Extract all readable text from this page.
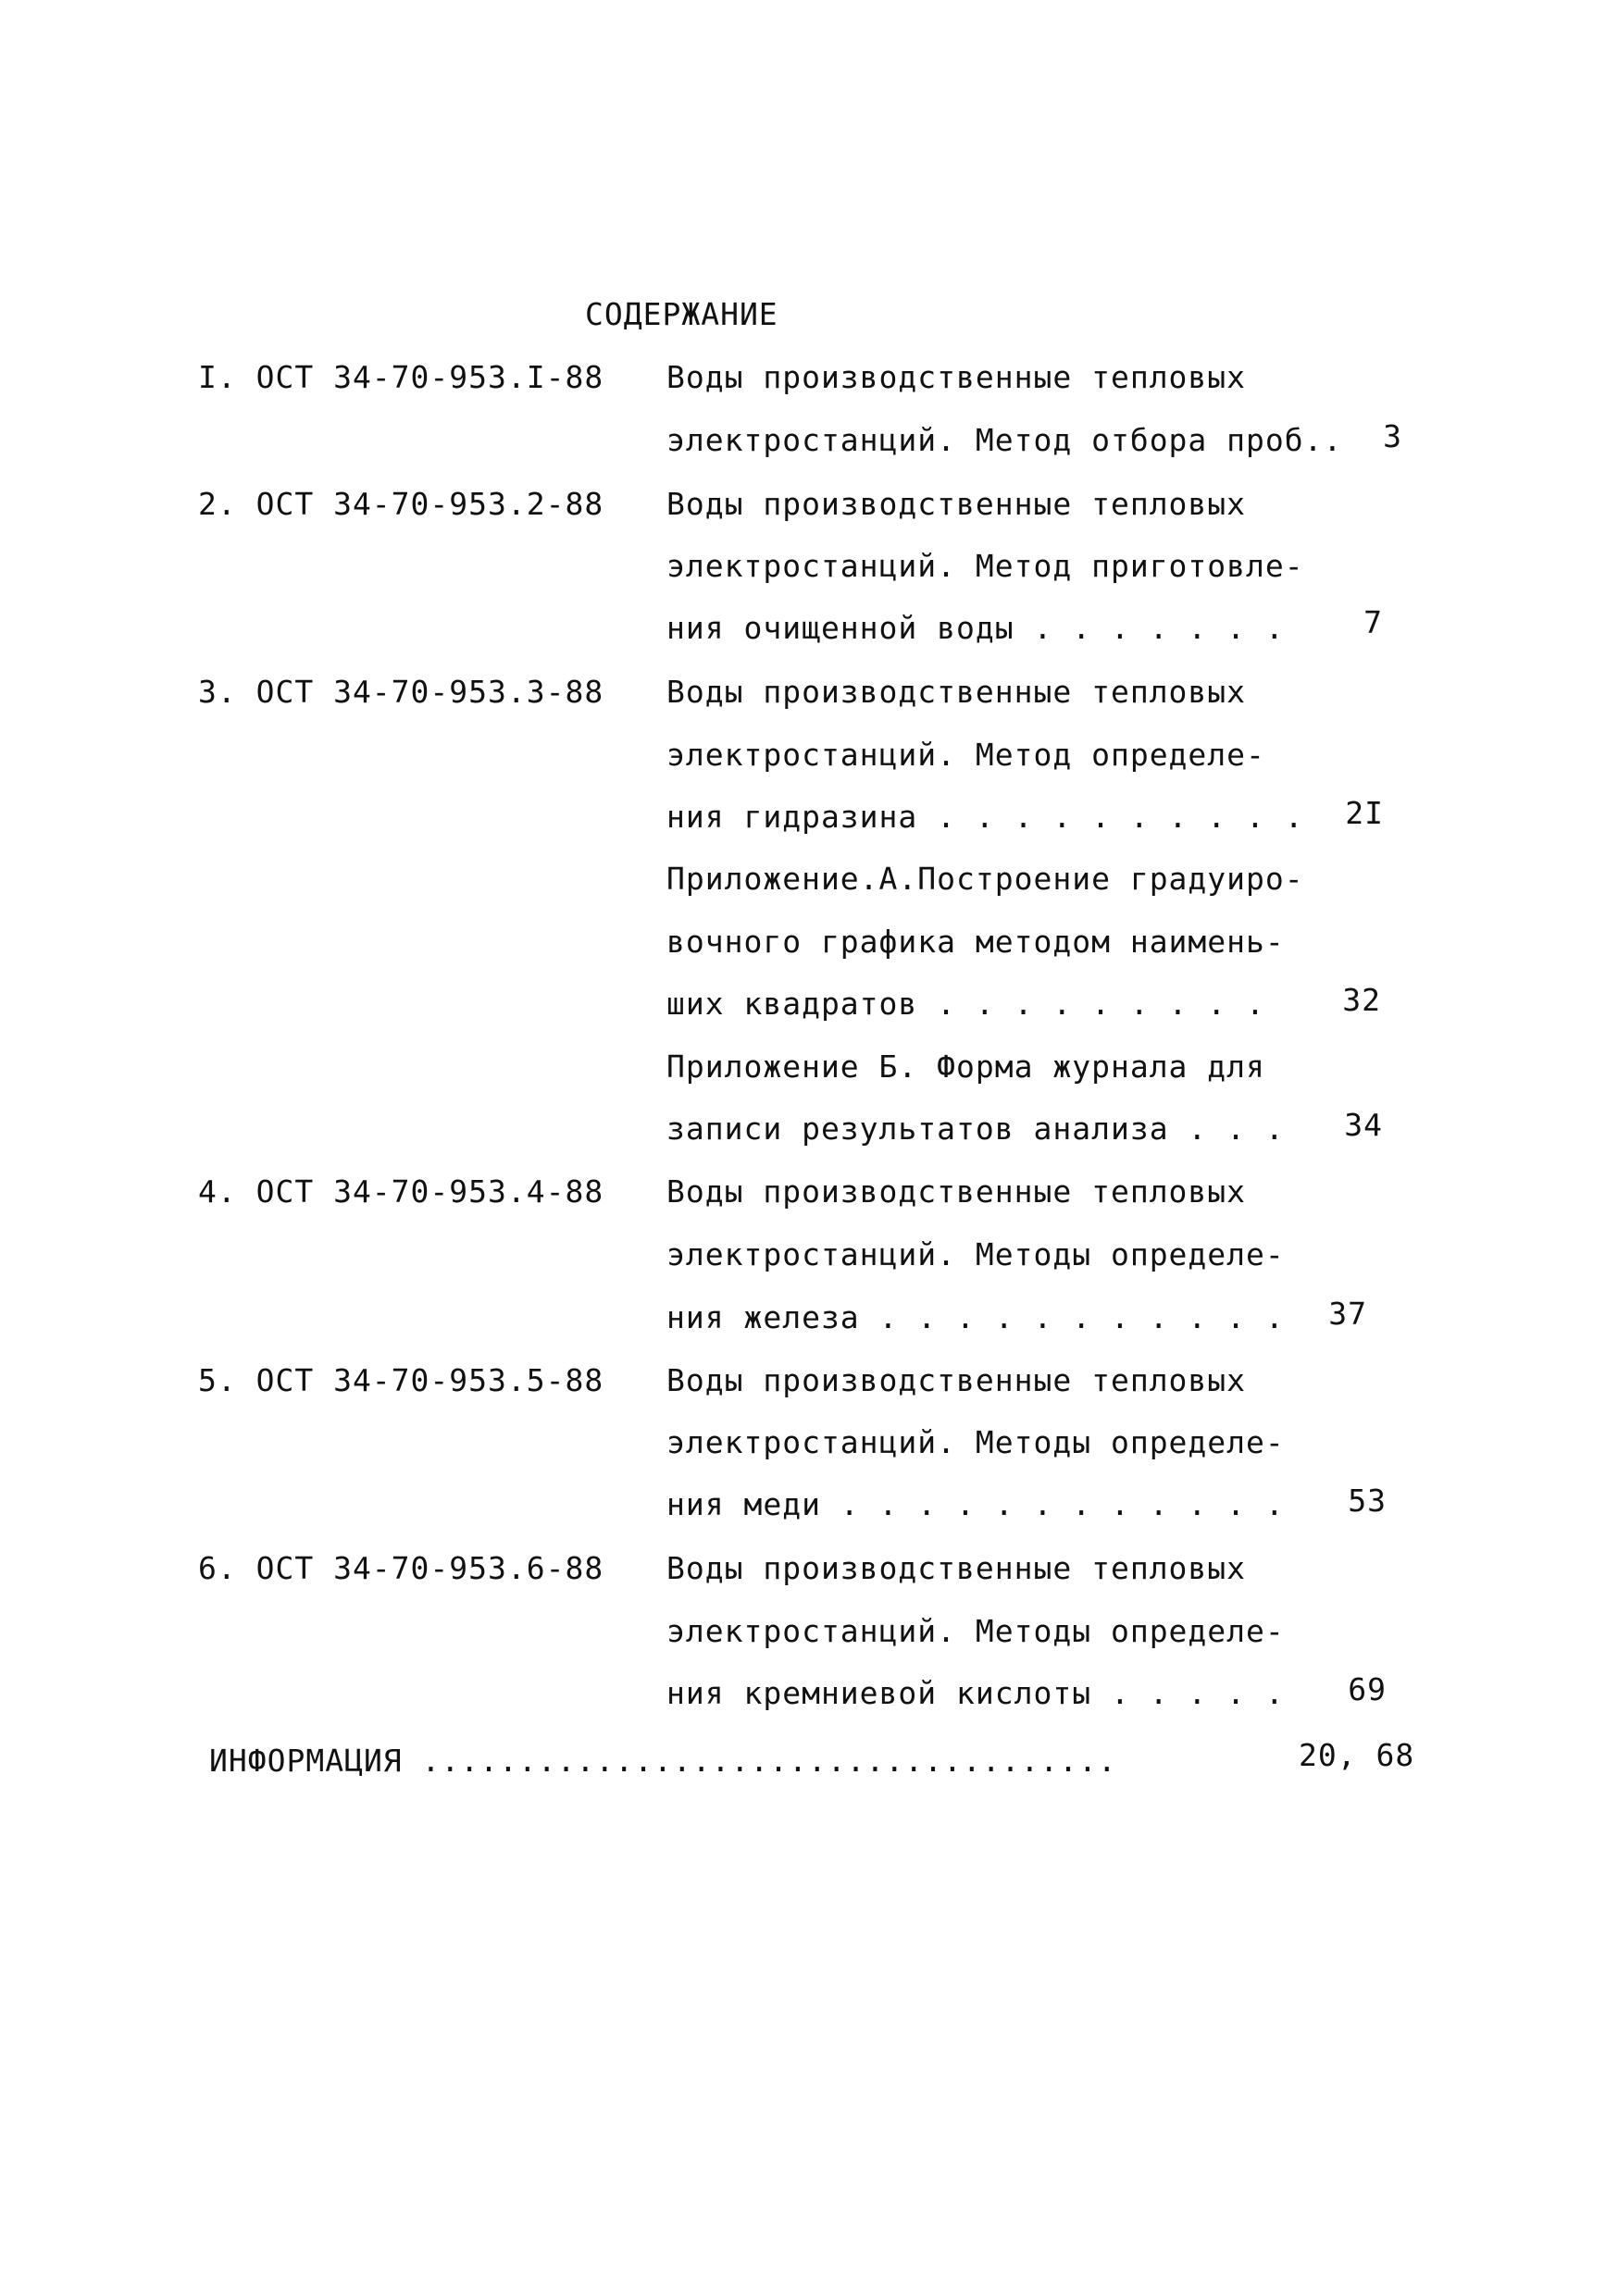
СОДЕРЖАНИЕ
I. ОСТ 34-70-953.I-88 Воды производственные тепловых
электростанций. Метод отбора проб..	3
2. ОСТ 34-70-953.2-88 Воды производственные тепловых
электростанций. Метод приготовле-
ния очищенной воды . . . . . . .	7
3. ОСТ 34-70-953.3-88 Воды производственные тепловых
электростанций. Метод определе-
ния гидразина . . . . . . . . . .	2I
Приложение.А.Построение градуиро-
вочного графика методом наимень-
ших квадратов . . . . . . . . .	32
Приложение Б. Форма журнала для
записи результатов анализа . . .	34
4. ОСТ 34-70-953.4-88 Воды производственные тепловых
электростанций. Методы определе-
ния железа . . . . . . . . . . .	37
5. ОСТ 34-70-953.5-88 Воды производственные тепловых
электростанций. Методы определе-
ния меди . . . . . . . . . . . .	53
6. ОСТ 34-70-953.6-88 Воды производственные тепловых
электростанций. Методы определе-
ния кремниевой кислоты . . . . .	69
ИНФОРМАЦИЯ ....................................	20, 68
